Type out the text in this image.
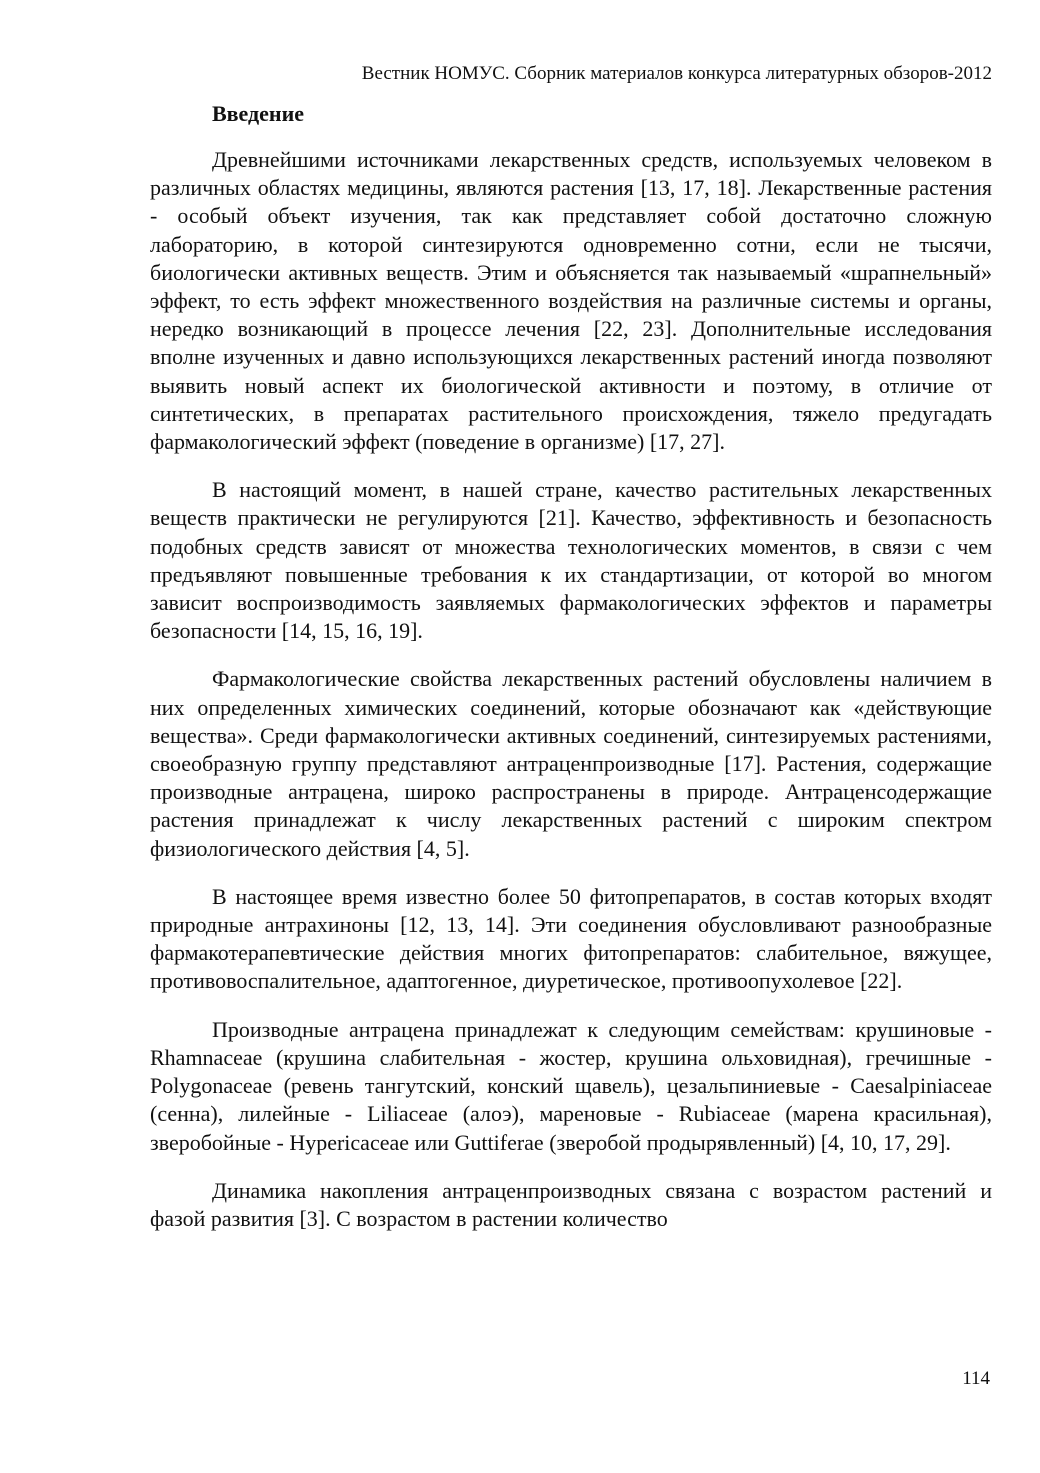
Вестник НОМУС. Сборник материалов конкурса литературных обзоров-2012
Введение

Древнейшими источниками лекарственных средств, используемых человеком в различных областях медицины, являются растения [13, 17, 18]. Лекарственные растения - особый объект изучения, так как представляет собой достаточно сложную лабораторию, в которой синтезируются одновременно сотни, если не тысячи, биологически активных веществ. Этим и объясняется так называемый «шрапнельный» эффект, то есть эффект множественного воздействия на различные системы и органы, нередко возникающий в процессе лечения [22, 23]. Дополнительные исследования вполне изученных и давно использующихся лекарственных растений иногда позволяют выявить новый аспект их биологической активности и поэтому, в отличие от синтетических, в препаратах растительного происхождения, тяжело предугадать фармакологический эффект (поведение в организме) [17, 27].

В настоящий момент, в нашей стране, качество растительных лекарственных веществ практически не регулируются [21]. Качество, эффективность и безопасность подобных средств зависят от множества технологических моментов, в связи с чем предъявляют повышенные требования к их стандартизации, от которой во многом зависит воспроизводимость заявляемых фармакологических эффектов и параметры безопасности [14, 15, 16, 19].

Фармакологические свойства лекарственных растений обусловлены наличием в них определенных химических соединений, которые обозначают как «действующие вещества». Среди фармакологически активных соединений, синтезируемых растениями, своеобразную группу представляют антраценпроизводные [17]. Растения, содержащие производные антрацена, широко распространены в природе. Антраценсодержащие растения принадлежат к числу лекарственных растений с широким спектром физиологического действия [4, 5].

В настоящее время известно более 50 фитопрепаратов, в состав которых входят природные антрахиноны [12, 13, 14]. Эти соединения обусловливают разнообразные фармакотерапевтические действия многих фитопрепаратов: слабительное, вяжущее, противовоспалительное, адаптогенное, диуретическое, противоопухолевое [22].

Производные антрацена принадлежат к следующим семействам: крушиновые - Rhamnaceae (крушина слабительная - жостер, крушина ольховидная), гречишные - Polygonaceae (ревень тангутский, конский щавель), цезальпиниевые - Caesalpiniaceae (сенна), лилейные - Liliaceae (алоэ), мареновые - Rubiaceae (марена красильная), зверобойные - Hypericaceae или Guttiferae (зверобой продырявленный) [4, 10, 17, 29].

Динамика накопления антраценпроизводных связана с возрастом растений и фазой развития [3]. С возрастом в растении количество

114
